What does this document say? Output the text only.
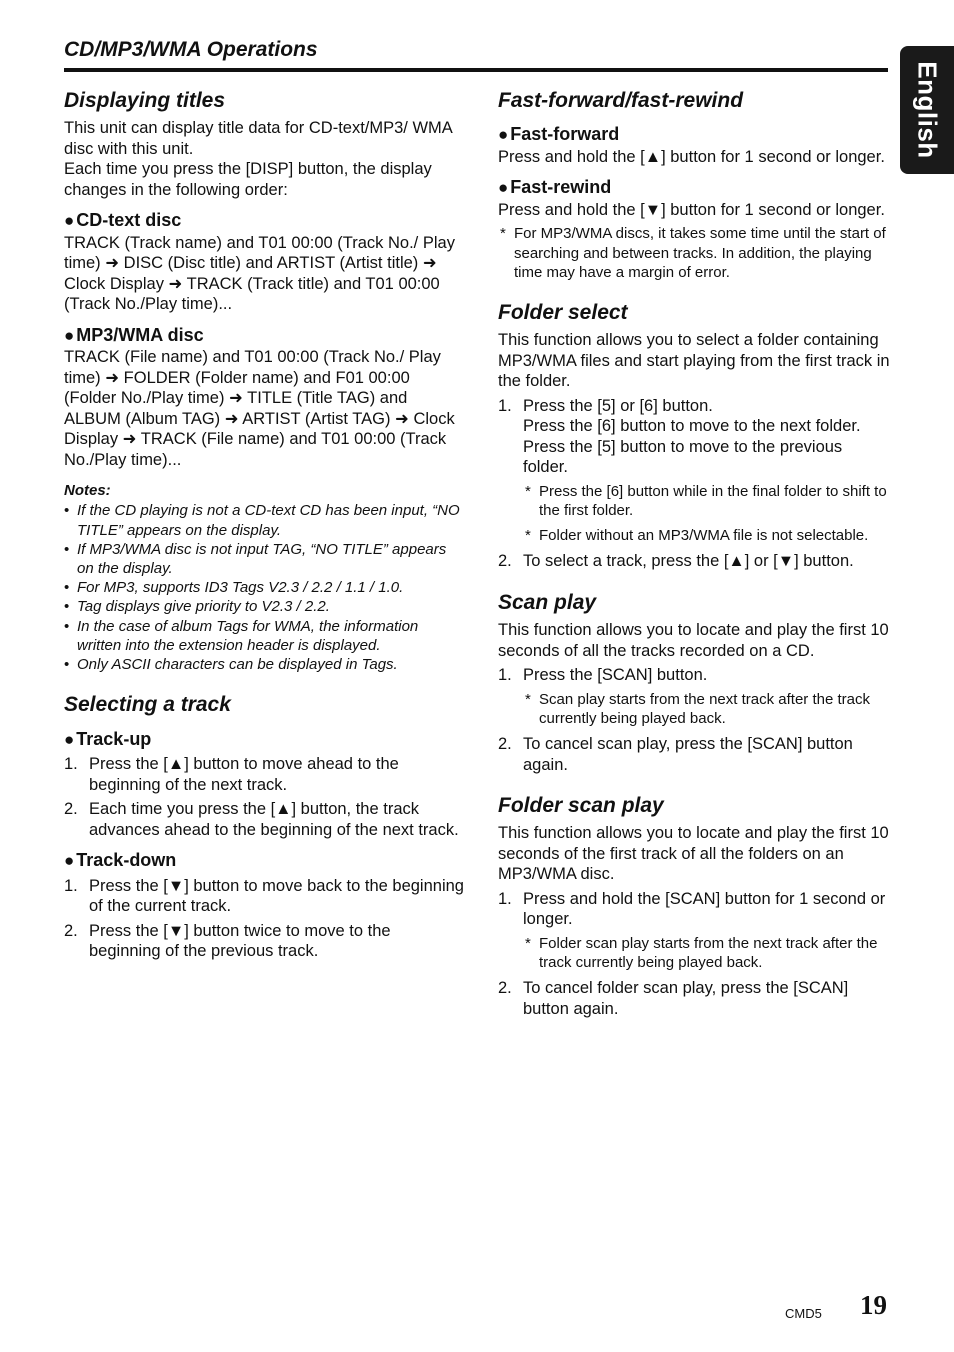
CD/MP3/WMA Operations
English
Displaying titles

This unit can display title data for CD-text/MP3/ WMA disc with this unit.

Each time you press the [DISP] button, the display changes in the following order:

● CD-text disc

TRACK (Track name) and T01 00:00 (Track No./ Play time) ➜ DISC (Disc title) and ARTIST (Artist title) ➜ Clock Display ➜ TRACK (Track title) and T01 00:00 (Track No./Play time)...

● MP3/WMA disc

TRACK (File name) and T01 00:00 (Track No./ Play time) ➜ FOLDER (Folder name) and F01 00:00 (Folder No./Play time) ➜ TITLE (Title TAG) and ALBUM (Album TAG) ➜ ARTIST (Artist TAG) ➜ Clock Display ➜ TRACK (File name) and T01 00:00 (Track No./Play time)...

Notes:
• If the CD playing is not a CD-text CD has been input, “NO TITLE” appears on the display.
• If MP3/WMA disc is not input TAG, “NO TITLE” appears on the display.
• For MP3, supports ID3 Tags V2.3 / 2.2 / 1.1 / 1.0.
• Tag displays give priority to V2.3 / 2.2.
• In the case of album Tags for WMA, the information written into the extension header is displayed.
• Only ASCII characters can be displayed in Tags.
Selecting a track
● Track-up
1. Press the [▲] button to move ahead to the beginning of the next track.
2. Each time you press the [▲] button, the track advances ahead to the beginning of the next track.
● Track-down
1. Press the [▼] button to move back to the beginning of the current track.
2. Press the [▼] button twice to move to the beginning of the previous track.
Fast-forward/fast-rewind
● Fast-forward

Press and hold the [▲] button for 1 second or longer.

● Fast-rewind

Press and hold the [▼] button for 1 second or longer.

* For MP3/WMA discs, it takes some time until the start of searching and between tracks. In addition, the playing time may have a margin of error.
Folder select

This function allows you to select a folder containing MP3/WMA files and start playing from the first track in the folder.

1. Press the [5] or [6] button.
Press the [6] button to move to the next folder.
Press the [5] button to move to the previous folder.
* Press the [6] button while in the final folder to shift to the first folder.
* Folder without an MP3/WMA file is not selectable.
2. To select a track, press the [▲] or [▼] button.
Scan play

This function allows you to locate and play the first 10 seconds of all the tracks recorded on a CD.

1. Press the [SCAN] button.
* Scan play starts from the next track after the track currently being played back.
2. To cancel scan play, press the [SCAN] button again.
Folder scan play

This function allows you to locate and play the first 10 seconds of the first track of all the folders on an MP3/WMA disc.

1. Press and hold the [SCAN] button for 1 second or longer.
* Folder scan play starts from the next track after the track currently being played back.
2. To cancel folder scan play, press the [SCAN] button again.
CMD5 19
